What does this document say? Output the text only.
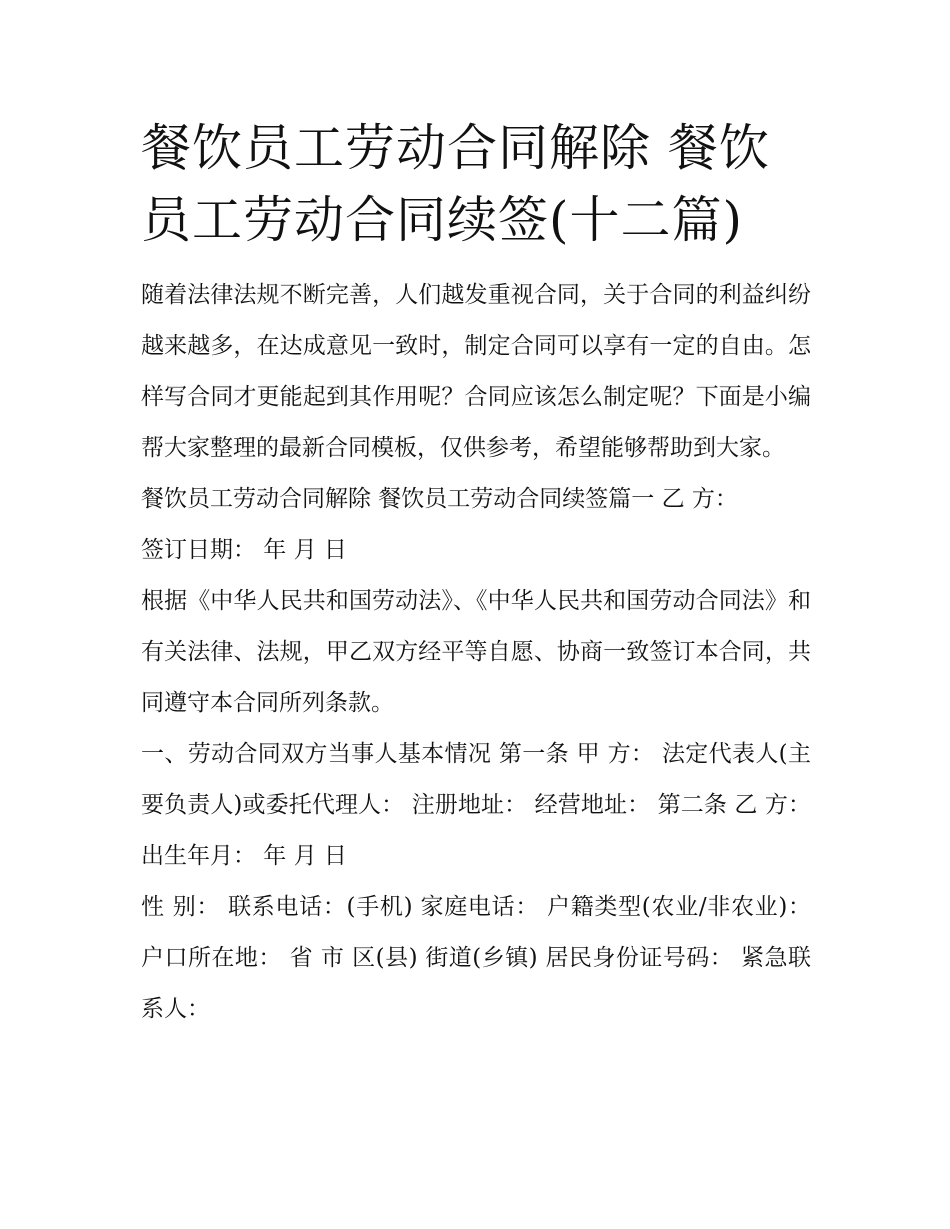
餐饮员工劳动合同解除 餐饮员工劳动合同续签(十二篇)

随着法律法规不断完善，人们越发重视合同，关于合同的利益纠纷越来越多，在达成意见一致时，制定合同可以享有一定的自由。怎样写合同才更能起到其作用呢？合同应该怎么制定呢？下面是小编帮大家整理的最新合同模板，仅供参考，希望能够帮助到大家。

餐饮员工劳动合同解除 餐饮员工劳动合同续签篇一 乙 方：

签订日期： 年 月 日

根据《中华人民共和国劳动法》、《中华人民共和国劳动合同法》和有关法律、法规，甲乙双方经平等自愿、协商一致签订本合同，共同遵守本合同所列条款。

一、劳动合同双方当事人基本情况 第一条 甲 方： 法定代表人(主要负责人)或委托代理人： 注册地址： 经营地址： 第二条 乙 方： 出生年月： 年 月 日

性 别： 联系电话：(手机) 家庭电话： 户籍类型(农业/非农业)： 户口所在地： 省 市 区(县) 街道(乡镇) 居民身份证号码： 紧急联系人：
